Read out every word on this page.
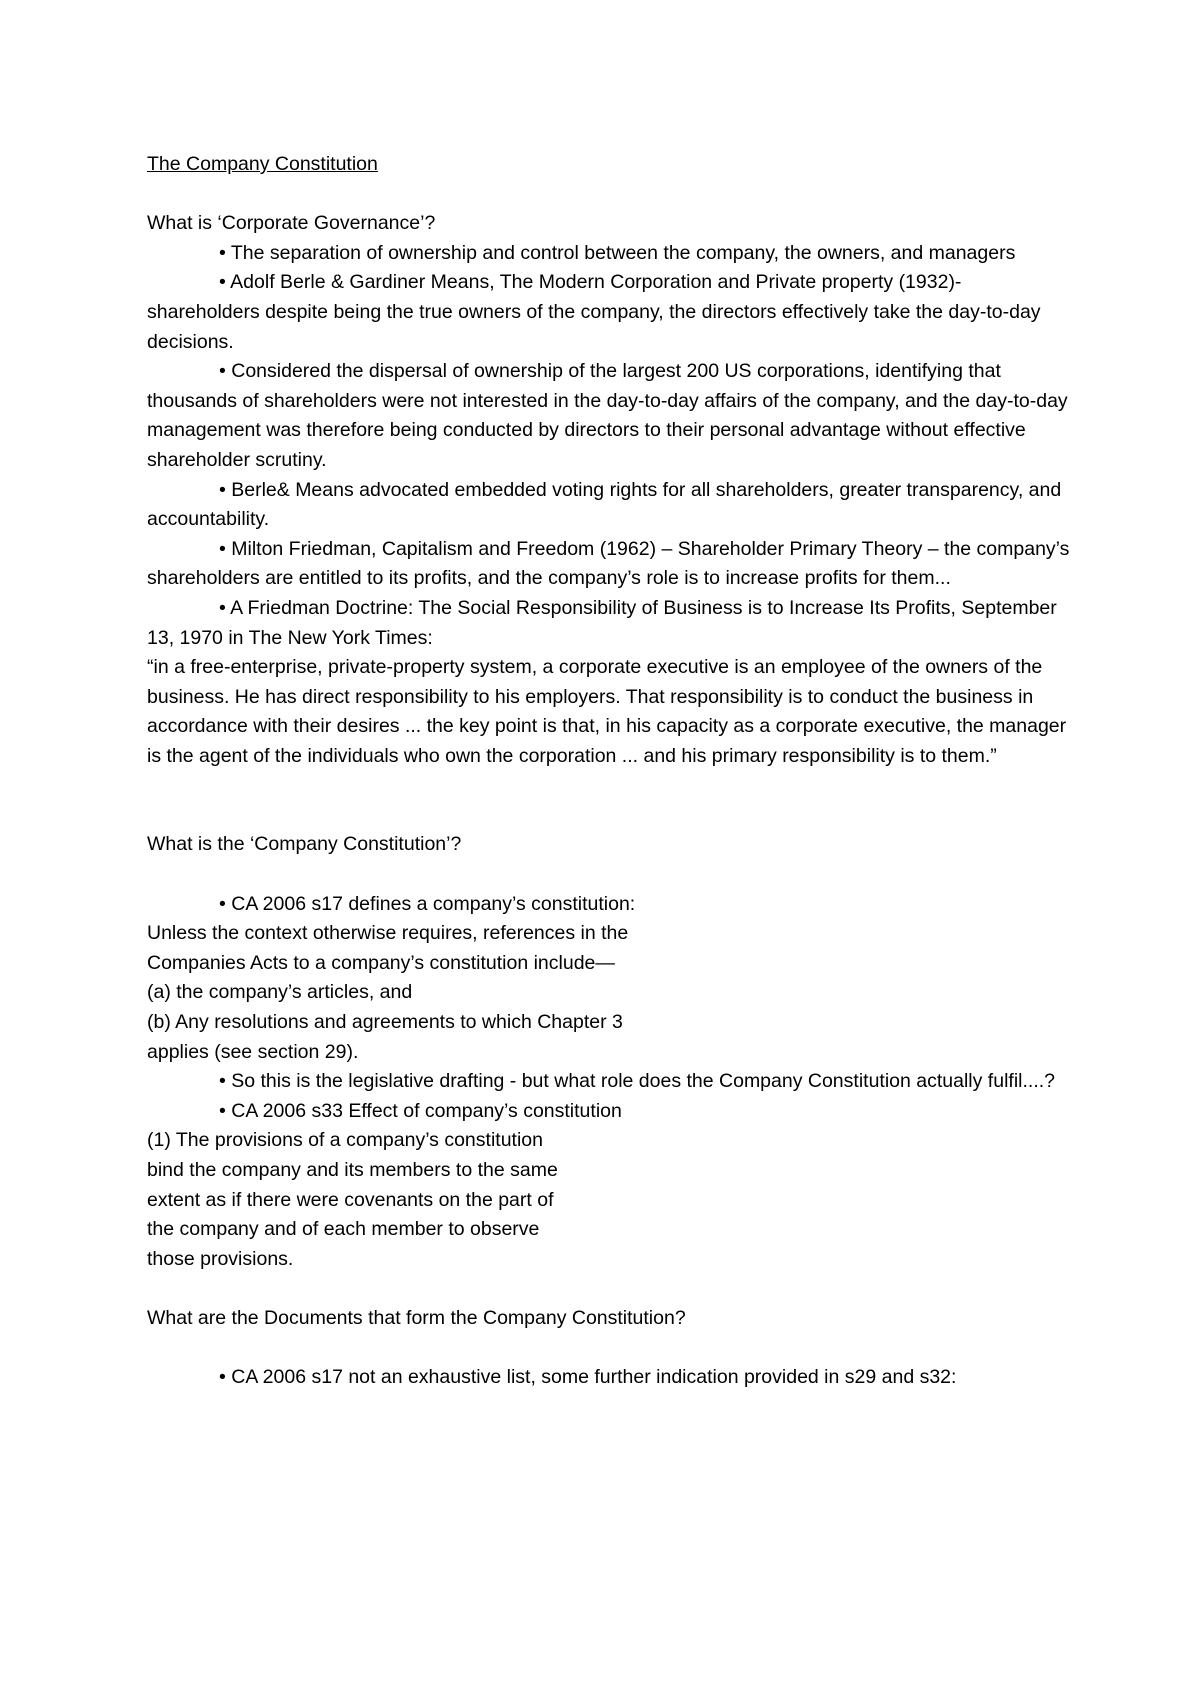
The Company Constitution

What is ‘Corporate Governance’?

• The separation of ownership and control between the company, the owners, and managers

• Adolf Berle & Gardiner Means, The Modern Corporation and Private property (1932)- shareholders despite being the true owners of the company, the directors effectively take the day-to-day decisions.

• Considered the dispersal of ownership of the largest 200 US corporations, identifying that thousands of shareholders were not interested in the day-to-day affairs of the company, and the day-to-day management was therefore being conducted by directors to their personal advantage without effective shareholder scrutiny.

• Berle& Means advocated embedded voting rights for all shareholders, greater transparency, and accountability.

• Milton Friedman, Capitalism and Freedom (1962) – Shareholder Primary Theory – the company’s shareholders are entitled to its profits, and the company’s role is to increase profits for them...

• A Friedman Doctrine: The Social Responsibility of Business is to Increase Its Profits, September 13, 1970 in The New York Times:

“in a free-enterprise, private-property system, a corporate executive is an employee of the owners of the business. He has direct responsibility to his employers. That responsibility is to conduct the business in accordance with their desires ... the key point is that, in his capacity as a corporate executive, the manager is the agent of the individuals who own the corporation ... and his primary responsibility is to them.”

What is the ‘Company Constitution’?

• CA 2006 s17 defines a company’s constitution:

Unless the context otherwise requires, references in the

Companies Acts to a company’s constitution include—

(a) the company’s articles, and

(b) Any resolutions and agreements to which Chapter 3

applies (see section 29).

• So this is the legislative drafting - but what role does the Company Constitution actually fulfil....?

• CA 2006 s33 Effect of company’s constitution

(1) The provisions of a company’s constitution

bind the company and its members to the same

extent as if there were covenants on the part of

the company and of each member to observe

those provisions.

What are the Documents that form the Company Constitution?

• CA 2006 s17 not an exhaustive list, some further indication provided in s29 and s32:
